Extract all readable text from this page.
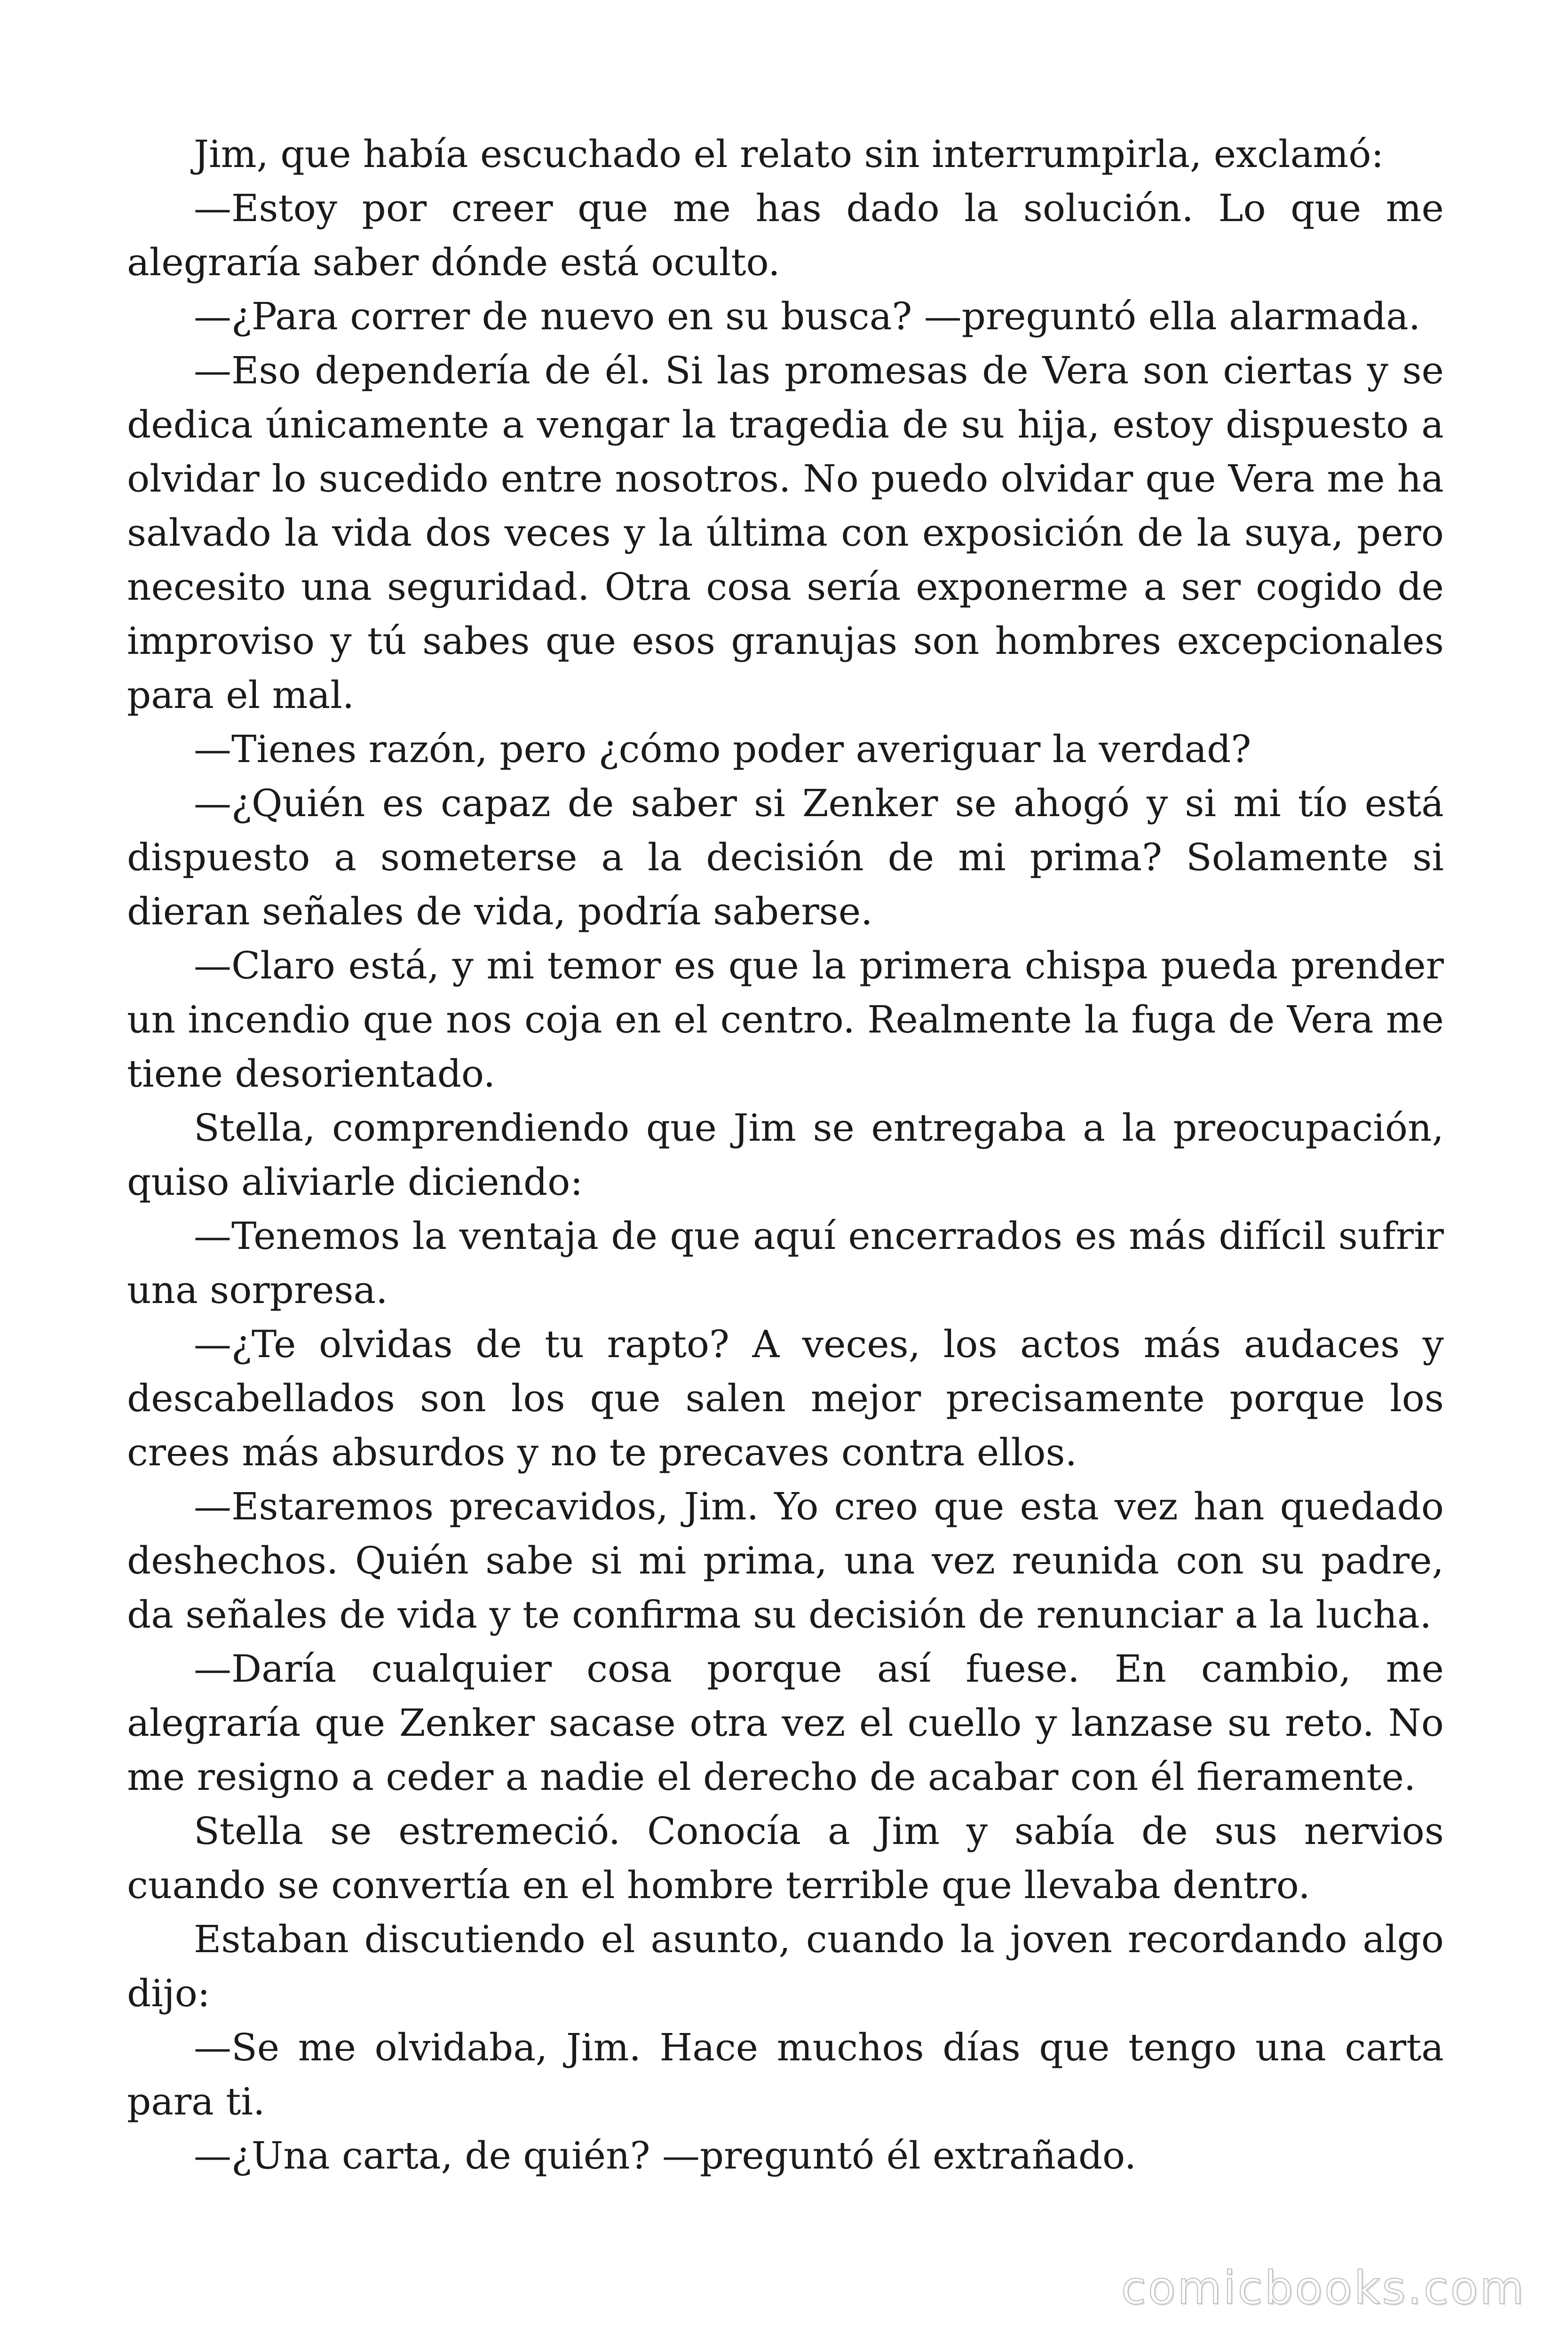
Jim, que había escuchado el relato sin interrumpirla, exclamó:

—Estoy por creer que me has dado la solución. Lo que me alegraría saber dónde está oculto.

—¿Para correr de nuevo en su busca? —preguntó ella alarmada.

—Eso dependería de él. Si las promesas de Vera son ciertas y se dedica únicamente a vengar la tragedia de su hija, estoy dispuesto a olvidar lo sucedido entre nosotros. No puedo olvidar que Vera me ha salvado la vida dos veces y la última con exposición de la suya, pero necesito una seguridad. Otra cosa sería exponerme a ser cogido de improviso y tú sabes que esos granujas son hombres excepcionales para el mal.

—Tienes razón, pero ¿cómo poder averiguar la verdad?

—¿Quién es capaz de saber si Zenker se ahogó y si mi tío está dispuesto a someterse a la decisión de mi prima? Solamente si dieran señales de vida, podría saberse.

—Claro está, y mi temor es que la primera chispa pueda prender un incendio que nos coja en el centro. Realmente la fuga de Vera me tiene desorientado.

Stella, comprendiendo que Jim se entregaba a la preocupación, quiso aliviarle diciendo:

—Tenemos la ventaja de que aquí encerrados es más difícil sufrir una sorpresa.

—¿Te olvidas de tu rapto? A veces, los actos más audaces y descabellados son los que salen mejor precisamente porque los crees más absurdos y no te precaves contra ellos.

—Estaremos precavidos, Jim. Yo creo que esta vez han quedado deshechos. Quién sabe si mi prima, una vez reunida con su padre, da señales de vida y te confirma su decisión de renunciar a la lucha.

—Daría cualquier cosa porque así fuese. En cambio, me alegraría que Zenker sacase otra vez el cuello y lanzase su reto. No me resigno a ceder a nadie el derecho de acabar con él fieramente.

Stella se estremeció. Conocía a Jim y sabía de sus nervios cuando se convertía en el hombre terrible que llevaba dentro.

Estaban discutiendo el asunto, cuando la joven recordando algo dijo:

—Se me olvidaba, Jim. Hace muchos días que tengo una carta para ti.

—¿Una carta, de quién? —preguntó él extrañado.

comicbooks.com
